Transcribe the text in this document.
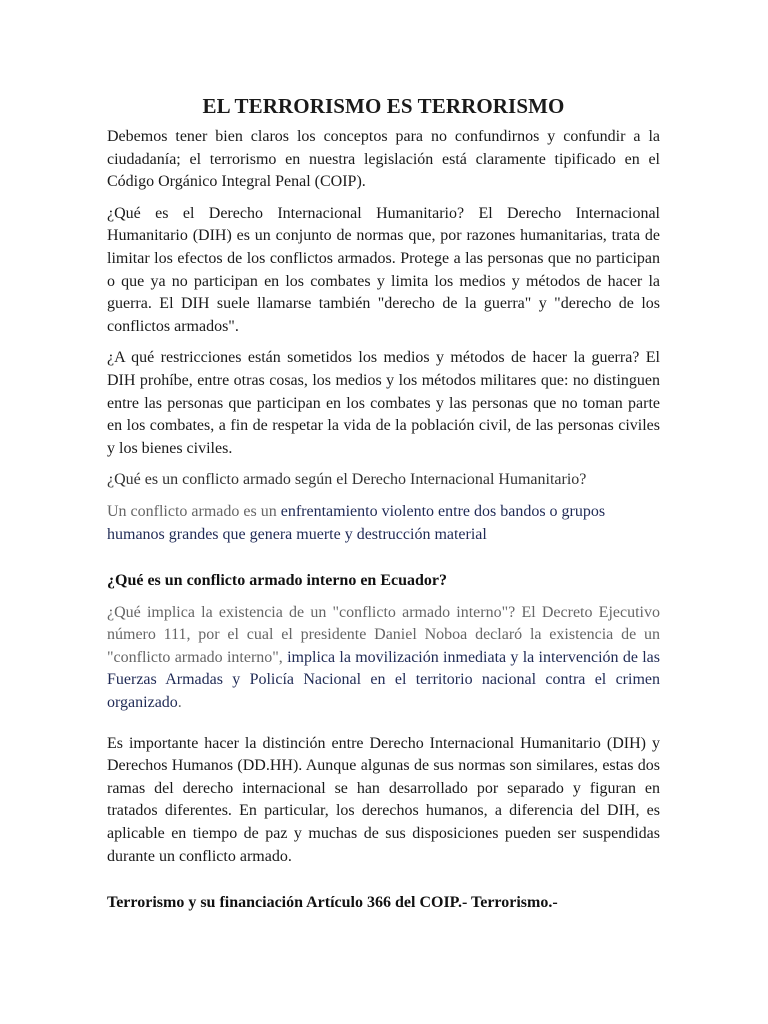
EL TERRORISMO ES TERRORISMO

Debemos tener bien claros los conceptos para no confundirnos y confundir a la ciudadanía; el terrorismo en nuestra legislación está claramente tipificado en el Código Orgánico Integral Penal (COIP).

¿Qué es el Derecho Internacional Humanitario? El Derecho Internacional Humanitario (DIH) es un conjunto de normas que, por razones humanitarias, trata de limitar los efectos de los conflictos armados. Protege a las personas que no participan o que ya no participan en los combates y limita los medios y métodos de hacer la guerra. El DIH suele llamarse también "derecho de la guerra" y "derecho de los conflictos armados".

¿A qué restricciones están sometidos los medios y métodos de hacer la guerra? El DIH prohíbe, entre otras cosas, los medios y los métodos militares que: no distinguen entre las personas que participan en los combates y las personas que no toman parte en los combates, a fin de respetar la vida de la población civil, de las personas civiles y los bienes civiles.

¿Qué es un conflicto armado según el Derecho Internacional Humanitario?

Un conflicto armado es un enfrentamiento violento entre dos bandos o grupos humanos grandes que genera muerte y destrucción material

¿Qué es un conflicto armado interno en Ecuador?

¿Qué implica la existencia de un "conflicto armado interno"? El Decreto Ejecutivo número 111, por el cual el presidente Daniel Noboa declaró la existencia de un "conflicto armado interno", implica la movilización inmediata y la intervención de las Fuerzas Armadas y Policía Nacional en el territorio nacional contra el crimen organizado.

Es importante hacer la distinción entre Derecho Internacional Humanitario (DIH) y Derechos Humanos (DD.HH). Aunque algunas de sus normas son similares, estas dos ramas del derecho internacional se han desarrollado por separado y figuran en tratados diferentes. En particular, los derechos humanos, a diferencia del DIH, es aplicable en tiempo de paz y muchas de sus disposiciones pueden ser suspendidas durante un conflicto armado.

Terrorismo y su financiación Artículo 366 del COIP.- Terrorismo.-
